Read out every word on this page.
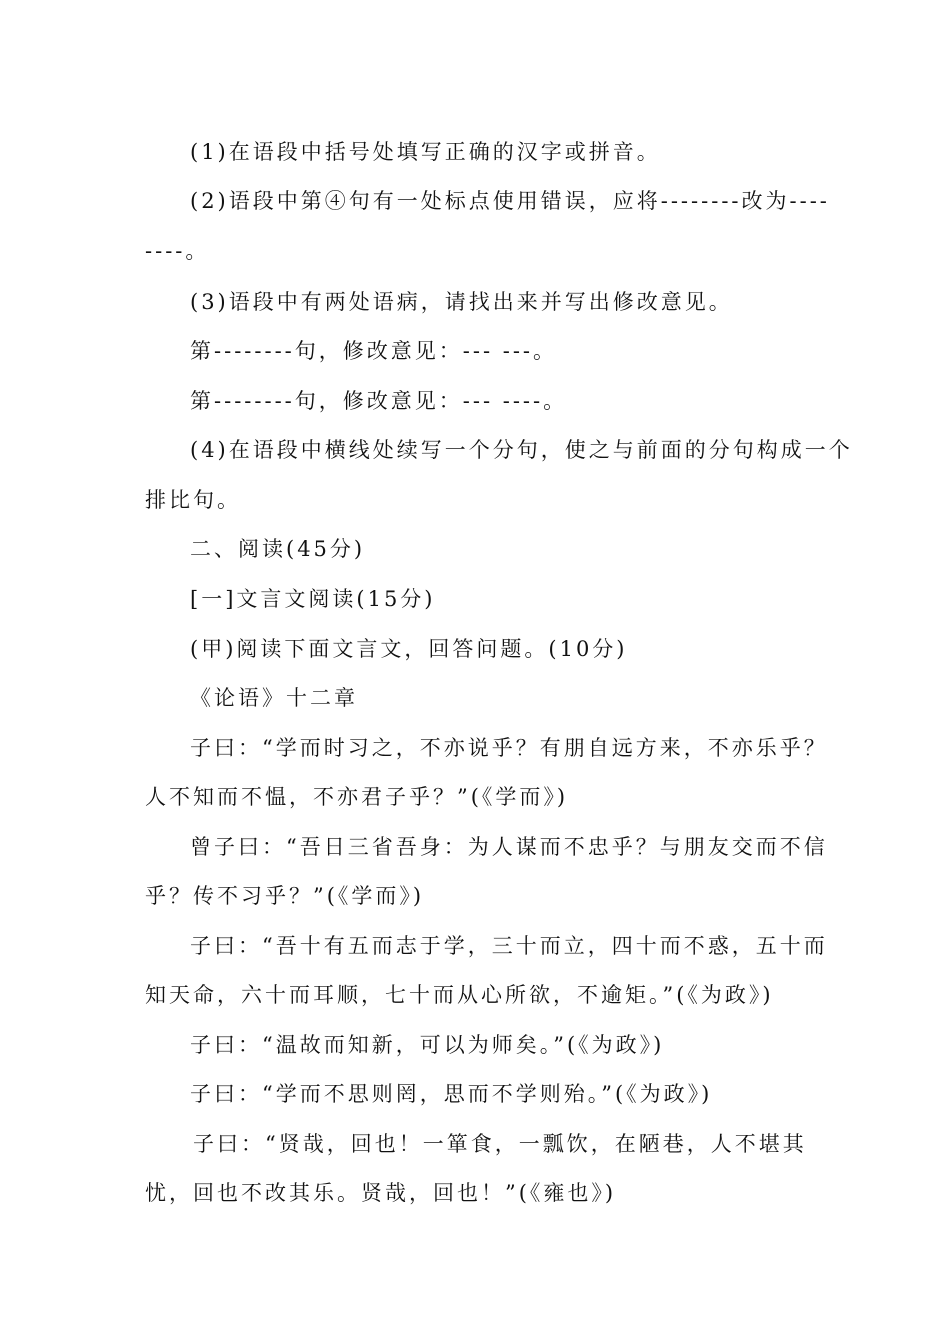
(1)在语段中括号处填写正确的汉字或拼音。
(2)语段中第④句有一处标点使用错误，应将--------改为----
----。
(3)语段中有两处语病，请找出来并写出修改意见。
第--------句，修改意见：--- ---。
第--------句，修改意见：--- ----。
(4)在语段中横线处续写一个分句，使之与前面的分句构成一个
排比句。
二、阅读(45分)
[一]文言文阅读(15分)
(甲)阅读下面文言文，回答问题。(10分)
《论语》十二章
子曰：“学而时习之，不亦说乎？有朋自远方来，不亦乐乎？
人不知而不愠，不亦君子乎？”(《学而》)
曾子曰：“吾日三省吾身：为人谋而不忠乎？与朋友交而不信
乎？传不习乎？”(《学而》)
子曰：“吾十有五而志于学，三十而立，四十而不惑，五十而
知天命，六十而耳顺，七十而从心所欲，不逾矩。”(《为政》)
子曰：“温故而知新，可以为师矣。”(《为政》)
子曰：“学而不思则罔，思而不学则殆。”(《为政》)
子曰：“贤哉，回也！一箪食，一瓢饮，在陋巷，人不堪其
忧，回也不改其乐。贤哉，回也！”(《雍也》)
